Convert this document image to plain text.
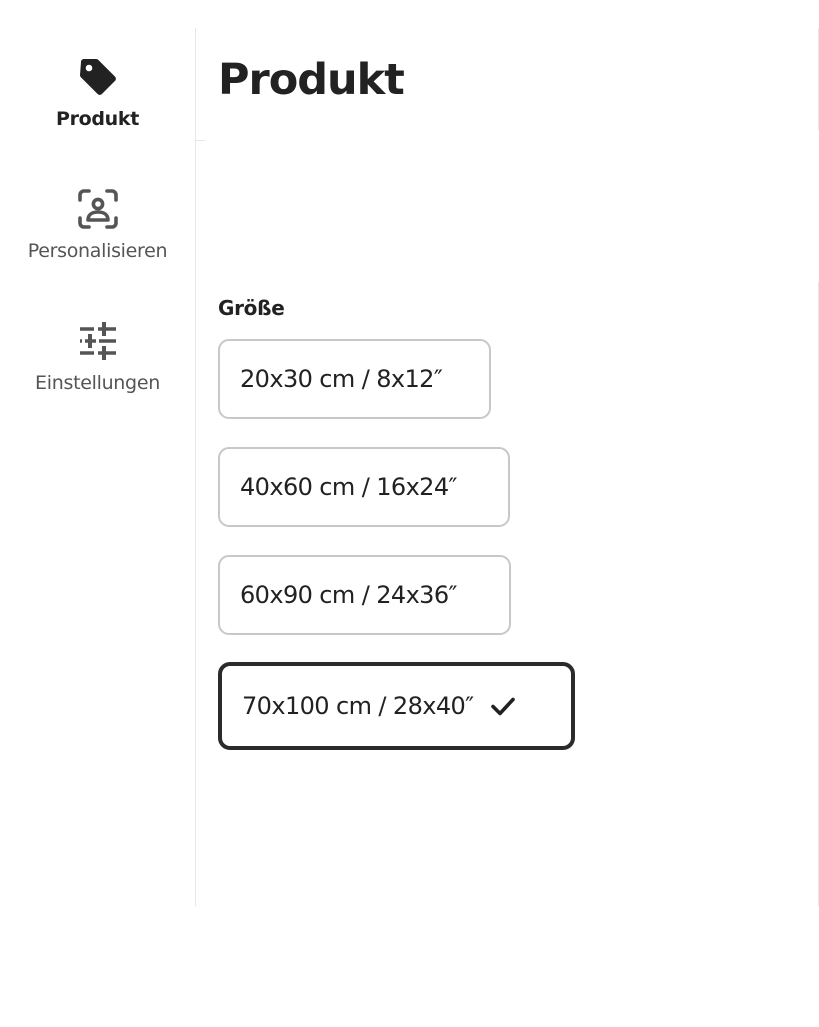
Produkt
Personalisieren
Einstellungen
Produkt
Größe
20x30 cm / 8x12″
40x60 cm / 16x24″
60x90 cm / 24x36″
70x100 cm / 28x40″
